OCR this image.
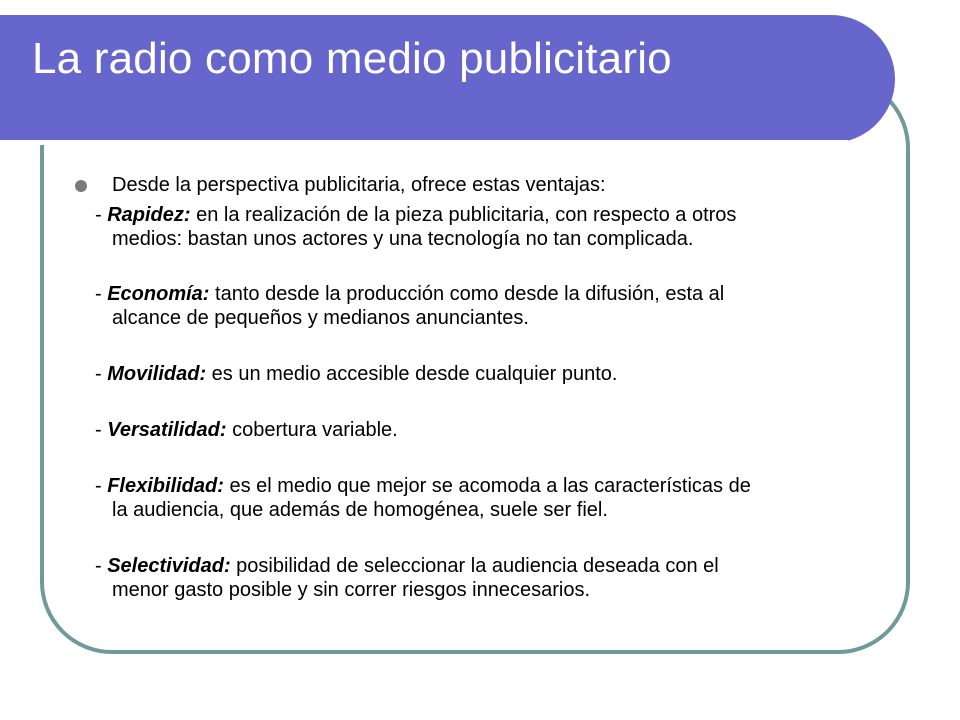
La radio como medio publicitario
Desde la perspectiva publicitaria, ofrece estas ventajas:
- Rapidez: en la realización de la pieza publicitaria, con respecto a otros
medios: bastan unos actores y una tecnología no tan complicada.
- Economía: tanto desde la producción como desde la difusión, esta al
alcance de pequeños y medianos anunciantes.
- Movilidad: es un medio accesible desde cualquier punto.
- Versatilidad: cobertura variable.
- Flexibilidad: es el medio que mejor se acomoda a las características de
la audiencia, que además de homogénea, suele ser fiel.
- Selectividad: posibilidad de seleccionar la audiencia deseada con el
menor gasto posible y sin correr riesgos innecesarios.
